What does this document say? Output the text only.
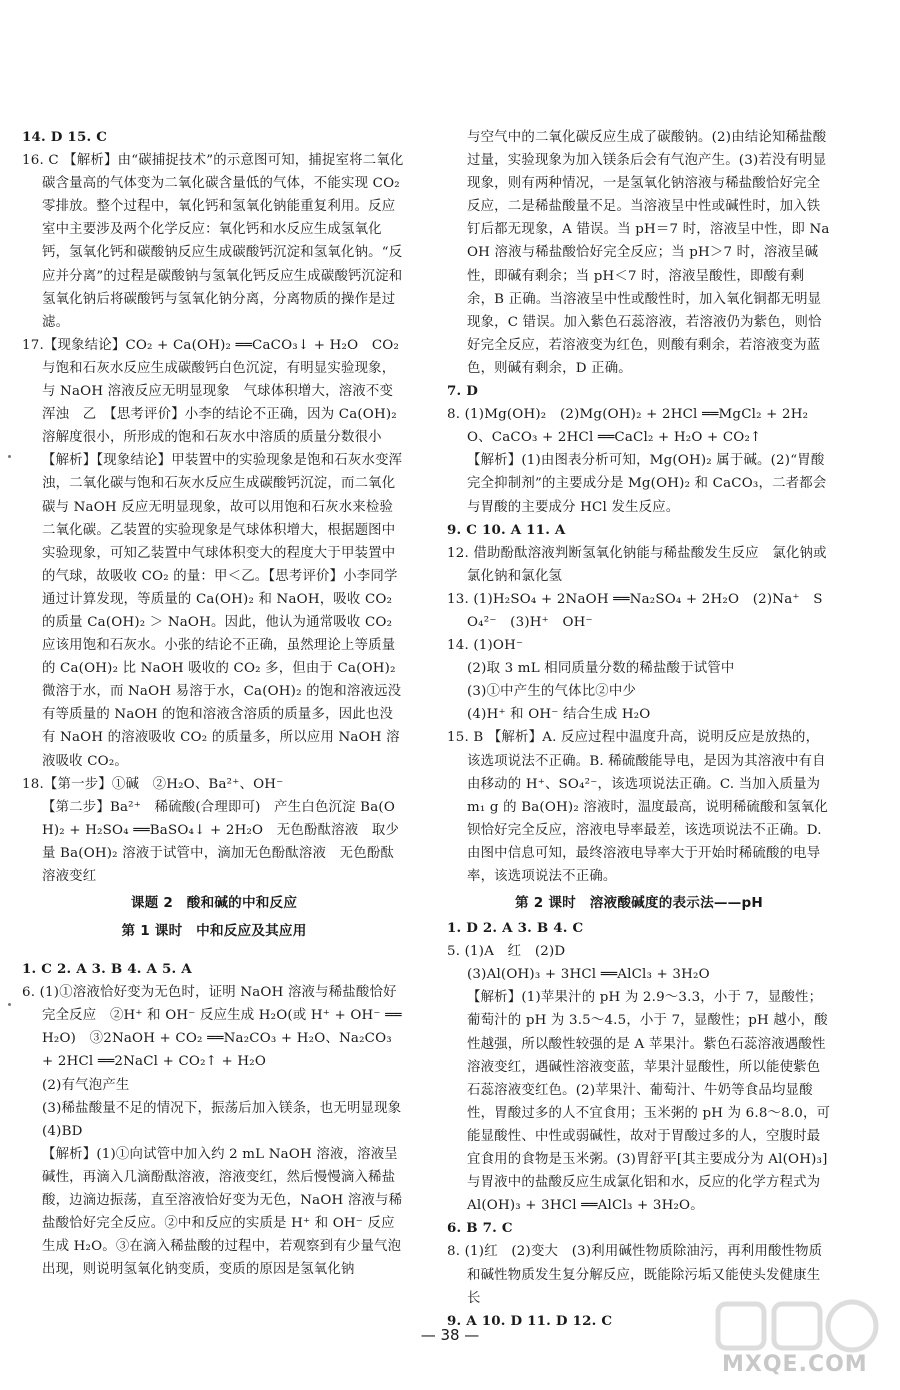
14. D 15. C

16. C 【解析】由“碳捕捉技术”的示意图可知，捕捉室将二氧化碳含量高的气体变为二氧化碳含量低的气体，不能实现 CO₂ 零排放。整个过程中，氧化钙和氢氧化钠能重复利用。反应室中主要涉及两个化学反应：氧化钙和水反应生成氢氧化钙，氢氧化钙和碳酸钠反应生成碳酸钙沉淀和氢氧化钠。“反应并分离”的过程是碳酸钠与氢氧化钙反应生成碳酸钙沉淀和氢氧化钠后将碳酸钙与氢氧化钠分离，分离物质的操作是过滤。

17.【现象结论】CO₂ + Ca(OH)₂ ══CaCO₃↓ + H₂O　CO₂ 与饱和石灰水反应生成碳酸钙白色沉淀，有明显实验现象，与 NaOH 溶液反应无明显现象　气球体积增大，溶液不变浑浊　乙　【思考评价】小李的结论不正确，因为 Ca(OH)₂ 溶解度很小，所形成的饱和石灰水中溶质的质量分数很小

【解析】【现象结论】甲装置中的实验现象是饱和石灰水变浑浊，二氧化碳与饱和石灰水反应生成碳酸钙沉淀，而二氧化碳与 NaOH 反应无明显现象，故可以用饱和石灰水来检验二氧化碳。乙装置的实验现象是气球体积增大，根据题图中实验现象，可知乙装置中气球体积变大的程度大于甲装置中的气球，故吸收 CO₂ 的量：甲＜乙。【思考评价】小李同学通过计算发现，等质量的 Ca(OH)₂ 和 NaOH，吸收 CO₂ 的质量 Ca(OH)₂ ＞ NaOH。因此，他认为通常吸收 CO₂ 应该用饱和石灰水。小张的结论不正确，虽然理论上等质量的 Ca(OH)₂ 比 NaOH 吸收的 CO₂ 多，但由于 Ca(OH)₂ 微溶于水，而 NaOH 易溶于水，Ca(OH)₂ 的饱和溶液远没有等质量的 NaOH 的饱和溶液含溶质的质量多，因此也没有 NaOH 的溶液吸收 CO₂ 的质量多，所以应用 NaOH 溶液吸收 CO₂。

18.【第一步】①碱　②H₂O、Ba²⁺、OH⁻

【第二步】Ba²⁺　稀硫酸(合理即可)　产生白色沉淀 Ba(OH)₂ + H₂SO₄ ══BaSO₄↓ + 2H₂O　无色酚酞溶液　取少量 Ba(OH)₂ 溶液于试管中，滴加无色酚酞溶液　无色酚酞溶液变红

课题 2　酸和碱的中和反应
第 1 课时　中和反应及其应用

1. C 2. A 3. B 4. A 5. A

6. (1)①溶液恰好变为无色时，证明 NaOH 溶液与稀盐酸恰好完全反应　②H⁺ 和 OH⁻ 反应生成 H₂O(或 H⁺ + OH⁻ ══H₂O)　③2NaOH + CO₂ ══Na₂CO₃ + H₂O、Na₂CO₃ + 2HCl ══2NaCl + CO₂↑ + H₂O

(2)有气泡产生

(3)稀盐酸量不足的情况下，振荡后加入镁条，也无明显现象

(4)BD

【解析】(1)①向试管中加入约 2 mL NaOH 溶液，溶液呈碱性，再滴入几滴酚酞溶液，溶液变红，然后慢慢滴入稀盐酸，边滴边振荡，直至溶液恰好变为无色，NaOH 溶液与稀盐酸恰好完全反应。②中和反应的实质是 H⁺ 和 OH⁻ 反应生成 H₂O。③在滴入稀盐酸的过程中，若观察到有少量气泡出现，则说明氢氧化钠变质，变质的原因是氢氧化钠

与空气中的二氧化碳反应生成了碳酸钠。(2)由结论知稀盐酸过量，实验现象为加入镁条后会有气泡产生。(3)若没有明显现象，则有两种情况，一是氢氧化钠溶液与稀盐酸恰好完全反应，二是稀盐酸量不足。当溶液呈中性或碱性时，加入铁钉后都无现象，A 错误。当 pH＝7 时，溶液呈中性，即 NaOH 溶液与稀盐酸恰好完全反应；当 pH＞7 时，溶液呈碱性，即碱有剩余；当 pH＜7 时，溶液呈酸性，即酸有剩余，B 正确。当溶液呈中性或酸性时，加入氧化铜都无明显现象，C 错误。加入紫色石蕊溶液，若溶液仍为紫色，则恰好完全反应，若溶液变为红色，则酸有剩余，若溶液变为蓝色，则碱有剩余，D 正确。

7. D

8. (1)Mg(OH)₂　(2)Mg(OH)₂ + 2HCl ══MgCl₂ + 2H₂O、CaCO₃ + 2HCl ══CaCl₂ + H₂O + CO₂↑

【解析】(1)由图表分析可知，Mg(OH)₂ 属于碱。(2)“胃酸完全抑制剂”的主要成分是 Mg(OH)₂ 和 CaCO₃，二者都会与胃酸的主要成分 HCl 发生反应。

9. C 10. A 11. A

12. 借助酚酞溶液判断氢氧化钠能与稀盐酸发生反应　氯化钠或氯化钠和氯化氢

13. (1)H₂SO₄ + 2NaOH ══Na₂SO₄ + 2H₂O　(2)Na⁺　SO₄²⁻　(3)H⁺　OH⁻

14. (1)OH⁻

(2)取 3 mL 相同质量分数的稀盐酸于试管中

(3)①中产生的气体比②中少

(4)H⁺ 和 OH⁻ 结合生成 H₂O

15. B 【解析】A. 反应过程中温度升高，说明反应是放热的，该选项说法不正确。B. 稀硫酸能导电，是因为其溶液中有自由移动的 H⁺、SO₄²⁻，该选项说法正确。C. 当加入质量为 m₁ g 的 Ba(OH)₂ 溶液时，温度最高，说明稀硫酸和氢氧化钡恰好完全反应，溶液电导率最差，该选项说法不正确。D. 由图中信息可知，最终溶液电导率大于开始时稀硫酸的电导率，该选项说法不正确。

第 2 课时　溶液酸碱度的表示法——pH

1. D 2. A 3. B 4. C

5. (1)A　红　(2)D

(3)Al(OH)₃ + 3HCl ══AlCl₃ + 3H₂O

【解析】(1)苹果汁的 pH 为 2.9～3.3，小于 7，显酸性；葡萄汁的 pH 为 3.5～4.5，小于 7，显酸性；pH 越小，酸性越强，所以酸性较强的是 A 苹果汁。紫色石蕊溶液遇酸性溶液变红，遇碱性溶液变蓝，苹果汁显酸性，所以能使紫色石蕊溶液变红色。(2)苹果汁、葡萄汁、牛奶等食品均显酸性，胃酸过多的人不宜食用；玉米粥的 pH 为 6.8～8.0，可能显酸性、中性或弱碱性，故对于胃酸过多的人，空腹时最宜食用的食物是玉米粥。(3)胃舒平[其主要成分为 Al(OH)₃]与胃液中的盐酸反应生成氯化铝和水，反应的化学方程式为 Al(OH)₃ + 3HCl ══AlCl₃ + 3H₂O。

6. B 7. C

8. (1)红　(2)变大　(3)利用碱性物质除油污，再利用酸性物质和碱性物质发生复分解反应，既能除污垢又能使头发健康生长

9. A 10. D 11. D 12. C

— 38 —
MXQE.COM
